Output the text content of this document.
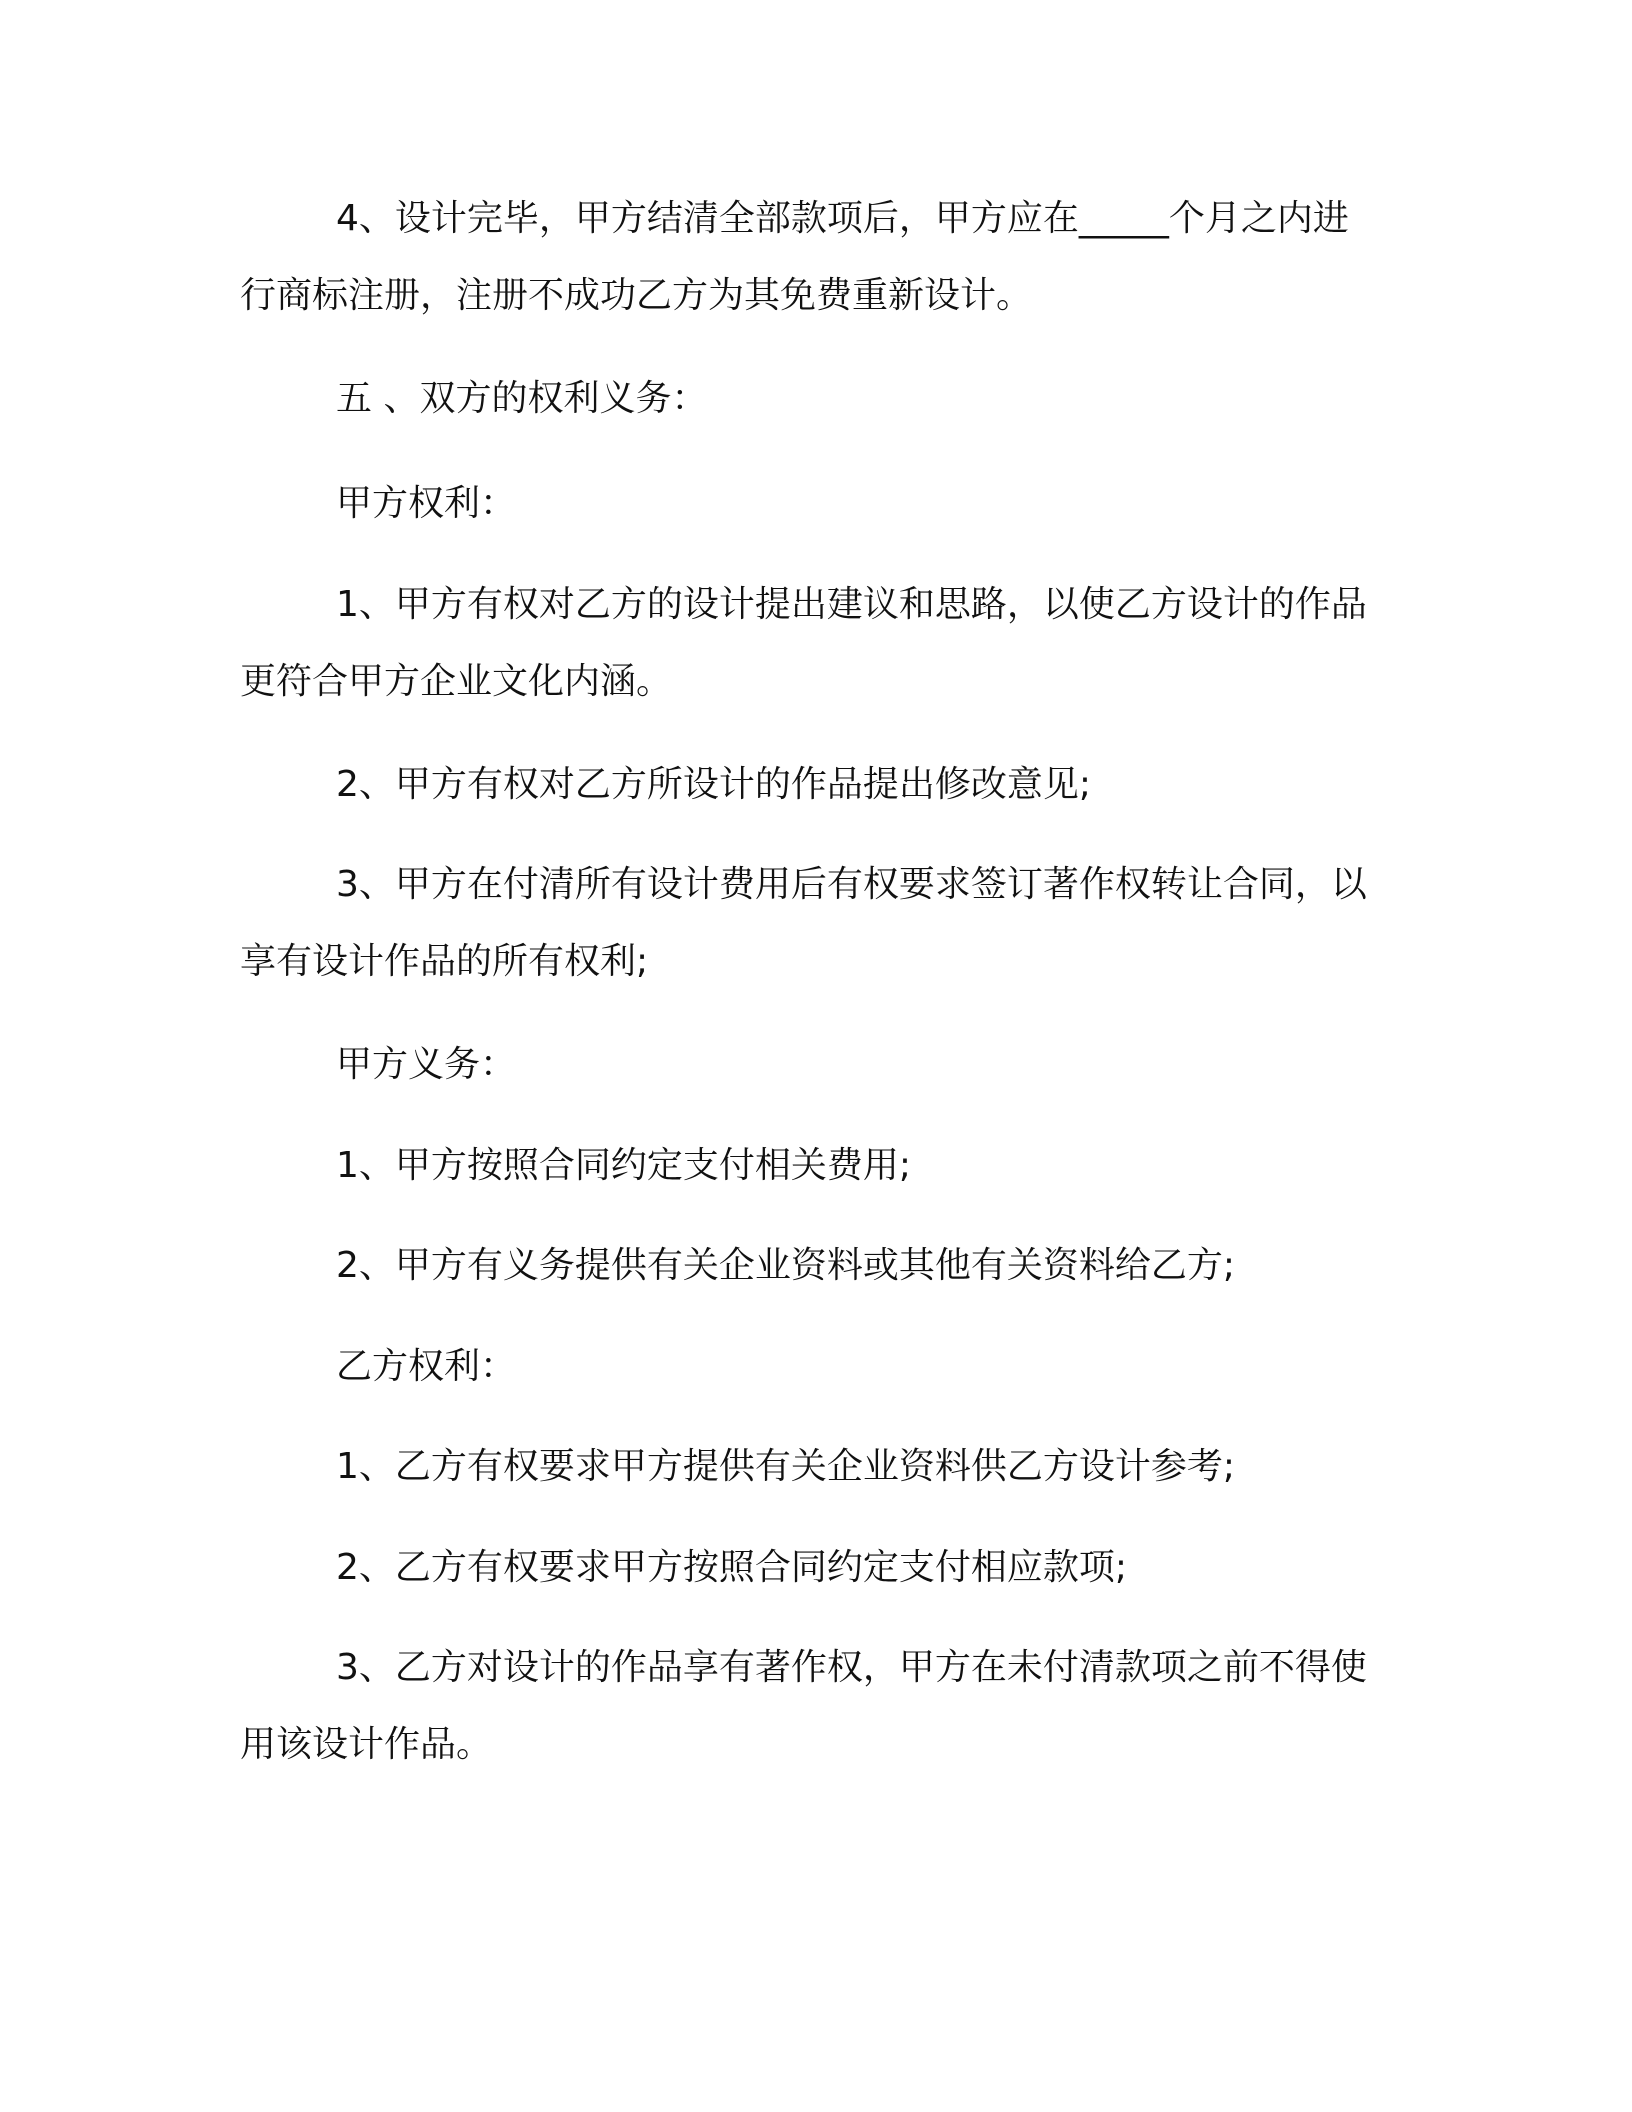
4、设计完毕，甲方结清全部款项后，甲方应在_____个月之内进行商标注册，注册不成功乙方为其免费重新设计。

五 、双方的权利义务：

甲方权利：

1、甲方有权对乙方的设计提出建议和思路，以使乙方设计的作品更符合甲方企业文化内涵。

2、甲方有权对乙方所设计的作品提出修改意见;

3、甲方在付清所有设计费用后有权要求签订著作权转让合同，以享有设计作品的所有权利;

甲方义务：

1、甲方按照合同约定支付相关费用;

2、甲方有义务提供有关企业资料或其他有关资料给乙方;

乙方权利：

1、乙方有权要求甲方提供有关企业资料供乙方设计参考;

2、乙方有权要求甲方按照合同约定支付相应款项;

3、乙方对设计的作品享有著作权，甲方在未付清款项之前不得使用该设计作品。
